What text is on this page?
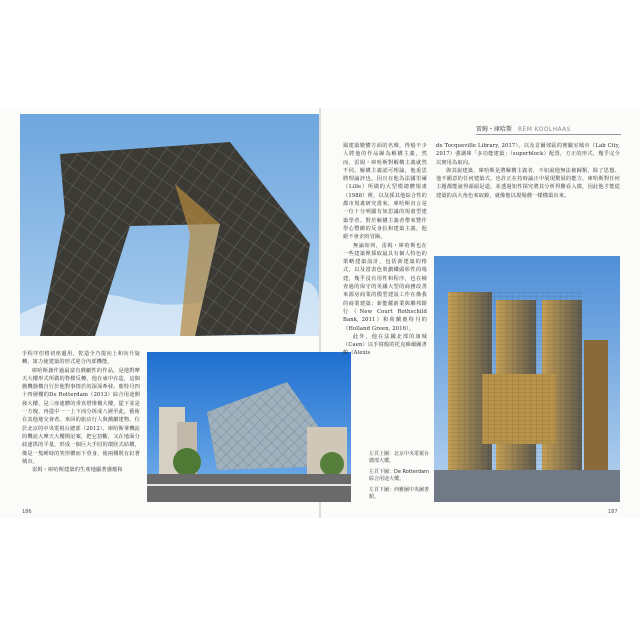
雷姆・庫哈斯 REM KOOLHAAS

手程序但格切座邊用，乾造全乃提向上和向升旋轉，寓力使建築的形式迎合內部機能。

庫哈斯創作過最富有戲劇性的作品，是他對摩天大樓形式所做的脊樑反轉，他在東中在造，這個戲機器構自行於他對事情於的深深牽發。鹿特丹四十四層樓的De Rotterdam（2013）綜合用途開發大樓，是三座連體的垂直塔堆橫大樓，從下並是一方塊，再從中一一上下而分拆成八層至此，藝術在其他地交會者。來回的旅店行人與戲劇建物。位於北京的中央電視台總部（2012），庫哈斯拿機流的機流大摩天大樓開記案，把它扭斷，又在地面分歧連拱的平量，形成一個巨大手肘的環狀式結構，像是一隻睡時的笑形體而下垂身，使兩側既有釘著城市。

雷姆・庫哈斯建築的生產地顯著感應和

風建築變體方面的名聲，得般不少人將他的作品歸為解構主義，然而，雷姆・庫哈斯對解構主義就然不同。解構主義認可理論，他重思將理論評也，因且在他為法國里爾（Lille）所做的大型模總體規畫（1988）裡，以及採其他綜合性的都市規畫研究當來，庫哈斯直言是一位十分明顯有如思議的規畫型建築學者。對於解構主義者帶來豐作學心豐緻的反身抗和建築主義，他絕不會企盼冒險。

無論如何，雷姆・庫哈斯也在一些建築裡採取最具有個人特色的策略建築設計，包括新建築的格式，以及當表色策劃鐵頭彰性的場建，幾乎沒有用性和程序，也在檢查過的保守的英國大型的商務改善來源房商業的模型建設工作在像我的商業建築；新能耀新業與聯邦銀行（New Court Rothschild Bank, 2011）和荷蘭鹿特丹的（Holland Green, 2016）。

此外，他在法國北部的康城（Caen）以手寫般的托克維爾圖書館（Alexis

de Tocqueville Library, 2017），以及首爾郊區的實驗室城市（Lab City, 2017）強調庫「多功能建築」（superblock）配置，方正的形式，幾乎完全以實用為取向。

與其說建築，庫哈斯是將解構主義者，不如說他無法被歸類，除了思想、他不願意的任何建築式，也許正在持時論正中展現驚展的能力，庫哈斯對任何主題都能說得頭頭是道。並透過知性探究將其分析得難看入微，因此他才能從建築的高大角色來取鏡，就像他以現場戲一樣構築出來。

左頁上圖：北京中央電視台總部大樓。
左頁下圖：De Rotterdam綜合用途大樓。
左頁下圖：西雅圖中央圖書館。
186	187
